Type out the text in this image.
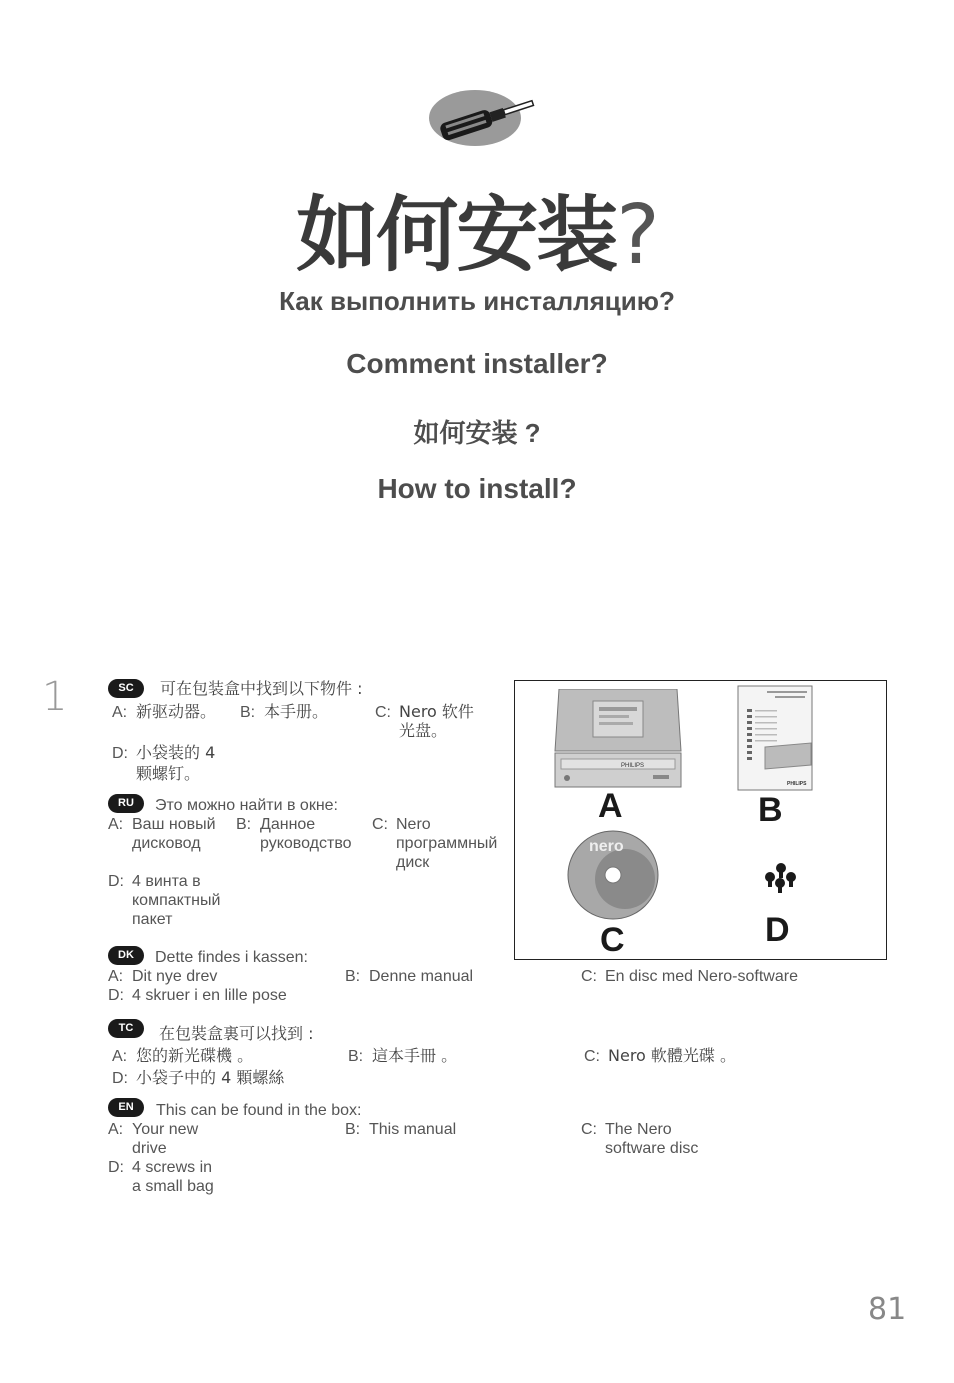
如何安装?
Как выполнить инсталляцию?
Comment installer?
如何安装 ?
How to install?
1	SC	可在包装盒中找到以下物件 :
A: 新驱动器。 B: 本手册。	C: Nero 软件
光盘。
D: 小袋装的 4
颗螺钉。
RU	Это можно найти в окне:
A: Ваш новый
дисковод
B: Данное
руководство
C: Nero
программный
диск
D: 4 винта в
компактный
пакет
DK	Dette findes i kassen:
A: Dit nye drev	B: Denne manual	C: En disc med Nero-software
D: 4 skruer i en lille pose
TC	在包裝盒裏可以找到 :
A: 您的新光碟機 。	B: 這本手冊 。	C: Nero 軟體光碟 。
D: 小袋子中的 4 顆螺絲
EN	This can be found in the box:
A: Your new
drive
B: This manual	C: The Nero
software disc
D: 4 screws in
a small bag
PHILIPS
PHILIPS
nero
A	B
C	D
81
